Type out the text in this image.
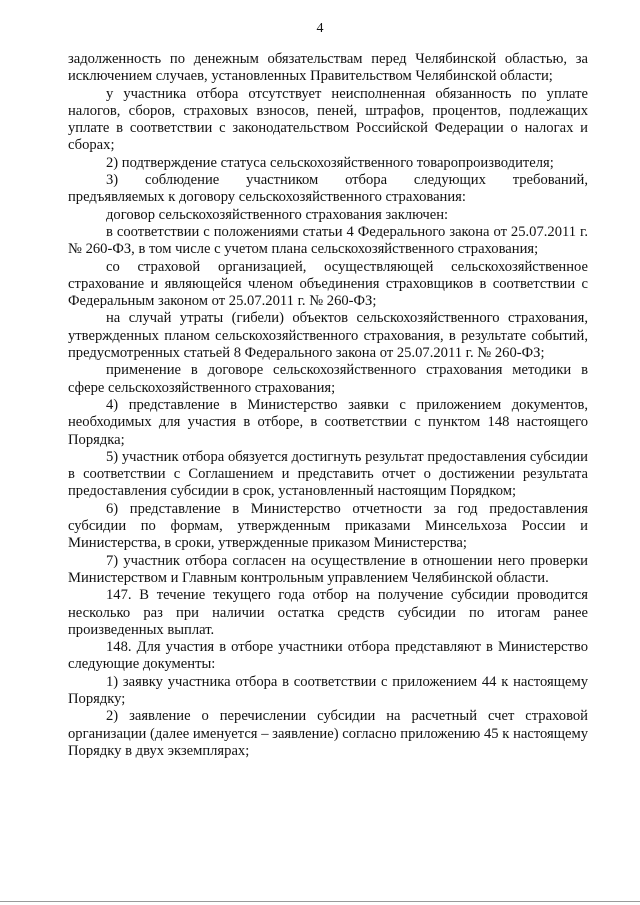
4

задолженность по денежным обязательствам перед Челябинской областью, за исключением случаев, установленных Правительством Челябинской области;

у участника отбора отсутствует неисполненная обязанность по уплате налогов, сборов, страховых взносов, пеней, штрафов, процентов, подлежащих уплате в соответствии с законодательством Российской Федерации о налогах и сборах;

2) подтверждение статуса сельскохозяйственного товаропроизводителя;

3) соблюдение участником отбора следующих требований,

предъявляемых к договору сельскохозяйственного страхования:

договор сельскохозяйственного страхования заключен:

в соответствии с положениями статьи 4 Федерального закона от 25.07.2011 г. № 260-ФЗ, в том числе с учетом плана сельскохозяйственного страхования;

со страховой организацией, осуществляющей сельскохозяйственное страхование и являющейся членом объединения страховщиков в соответствии с Федеральным законом от 25.07.2011 г. № 260-ФЗ;

на случай утраты (гибели) объектов сельскохозяйственного страхования, утвержденных планом сельскохозяйственного страхования, в результате событий, предусмотренных статьей 8 Федерального закона от 25.07.2011 г. № 260-ФЗ;

применение в договоре сельскохозяйственного страхования методики в сфере сельскохозяйственного страхования;

4) представление в Министерство заявки с приложением документов, необходимых для участия в отборе, в соответствии с пунктом 148 настоящего Порядка;

5) участник отбора обязуется достигнуть результат предоставления субсидии в соответствии с Соглашением и представить отчет о достижении результата предоставления субсидии в срок, установленный настоящим Порядком;

6) представление в Министерство отчетности за год предоставления субсидии по формам, утвержденным приказами Минсельхоза России и Министерства, в сроки, утвержденные приказом Министерства;

7) участник отбора согласен на осуществление в отношении него проверки Министерством и Главным контрольным управлением Челябинской области.

147. В течение текущего года отбор на получение субсидии проводится несколько раз при наличии остатка средств субсидии по итогам ранее произведенных выплат.

148. Для участия в отборе участники отбора представляют в Министерство следующие документы:

1) заявку участника отбора в соответствии с приложением 44 к настоящему Порядку;

2) заявление о перечислении субсидии на расчетный счет страховой организации (далее именуется – заявление) согласно приложению 45 к настоящему Порядку в двух экземплярах;
